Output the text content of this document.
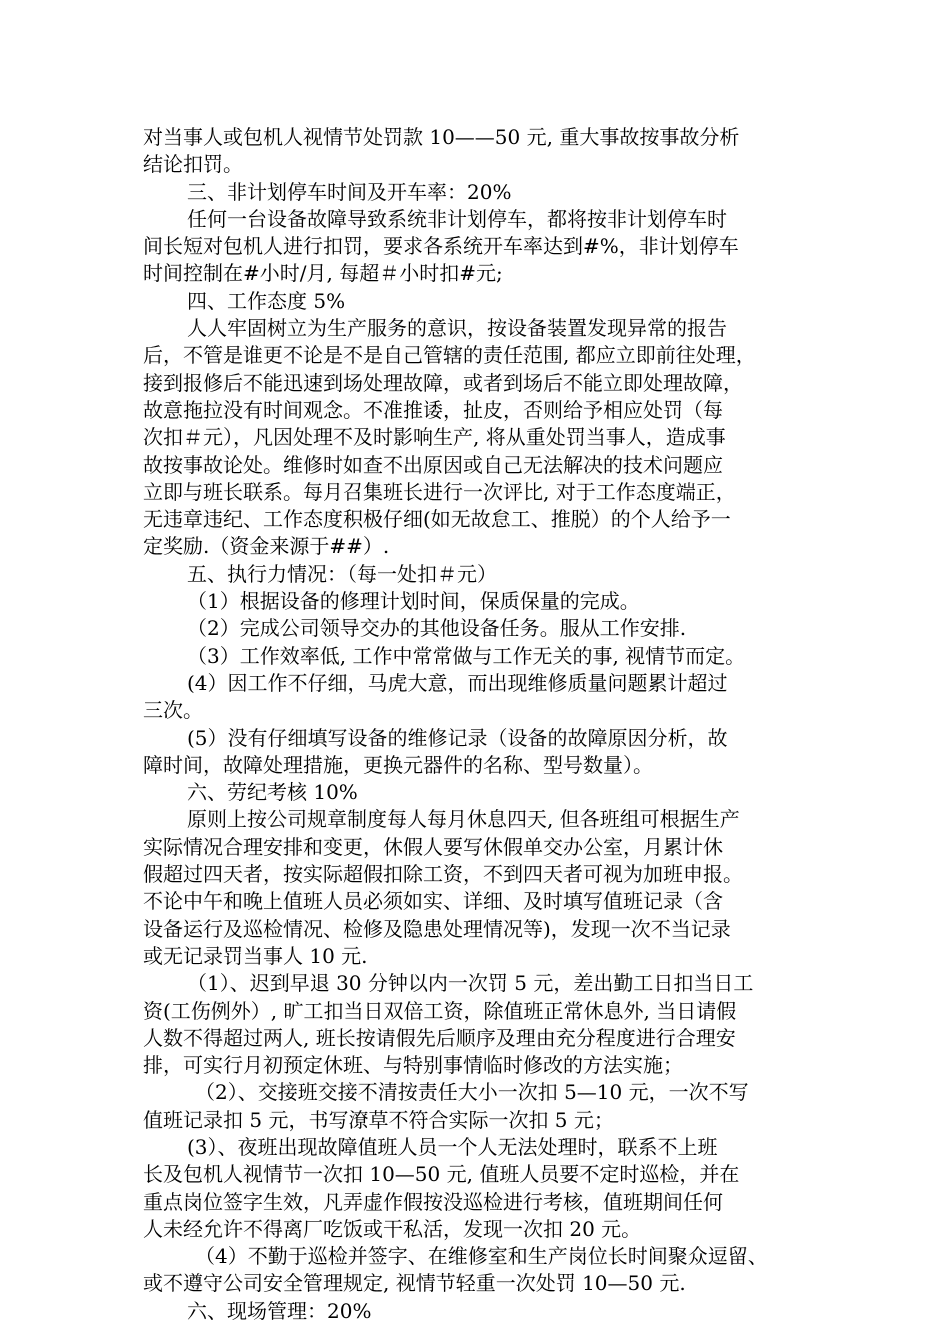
对当事人或包机人视情节处罚款 10——50 元, 重大事故按事故分析
结论扣罚。
三、非计划停车时间及开车率：20%
任何一台设备故障导致系统非计划停车，都将按非计划停车时
间长短对包机人进行扣罚，要求各系统开车率达到#%，非计划停车
时间控制在#小时/月, 每超＃小时扣#元;
四、工作态度 5%
人人牢固树立为生产服务的意识，按设备装置发现异常的报告
后，不管是谁更不论是不是自己管辖的责任范围, 都应立即前往处理，
接到报修后不能迅速到场处理故障，或者到场后不能立即处理故障，
故意拖拉没有时间观念。不准推诿，扯皮，否则给予相应处罚（每
次扣＃元），凡因处理不及时影响生产, 将从重处罚当事人，造成事
故按事故论处。维修时如查不出原因或自己无法解决的技术问题应
立即与班长联系。每月召集班长进行一次评比, 对于工作态度端正，
无违章违纪、工作态度积极仔细(如无故怠工、推脱）的个人给予一
定奖励.（资金来源于##）.
五、执行力情况：（每一处扣＃元）
（1）根据设备的修理计划时间，保质保量的完成。
（2）完成公司领导交办的其他设备任务。服从工作安排.
（3）工作效率低, 工作中常常做与工作无关的事, 视情节而定。
(4）因工作不仔细，马虎大意，而出现维修质量问题累计超过
三次。
(5）没有仔细填写设备的维修记录（设备的故障原因分析，故
障时间，故障处理措施，更换元器件的名称、型号数量）。
六、劳纪考核 10%
原则上按公司规章制度每人每月休息四天, 但各班组可根据生产
实际情况合理安排和变更，休假人要写休假单交办公室，月累计休
假超过四天者，按实际超假扣除工资，不到四天者可视为加班申报。
不论中午和晚上值班人员必须如实、详细、及时填写值班记录（含
设备运行及巡检情况、检修及隐患处理情况等)，发现一次不当记录
或无记录罚当事人 10 元.
（1）、迟到早退 30 分钟以内一次罚 5 元，差出勤工日扣当日工
资(工伤例外）, 旷工扣当日双倍工资，除值班正常休息外, 当日请假
人数不得超过两人, 班长按请假先后顺序及理由充分程度进行合理安
排，可实行月初预定休班、与特别事情临时修改的方法实施；
（2）、交接班交接不清按责任大小一次扣 5—10 元，一次不写
值班记录扣 5 元，书写潦草不符合实际一次扣 5 元；
(3）、夜班出现故障值班人员一个人无法处理时，联系不上班
长及包机人视情节一次扣 10—50 元, 值班人员要不定时巡检，并在
重点岗位签字生效，凡弄虚作假按没巡检进行考核，值班期间任何
人未经允许不得离厂吃饭或干私活，发现一次扣 20 元。
（4）不勤于巡检并签字、在维修室和生产岗位长时间聚众逗留、
或不遵守公司安全管理规定, 视情节轻重一次处罚 10—50 元.
六、现场管理：20%
